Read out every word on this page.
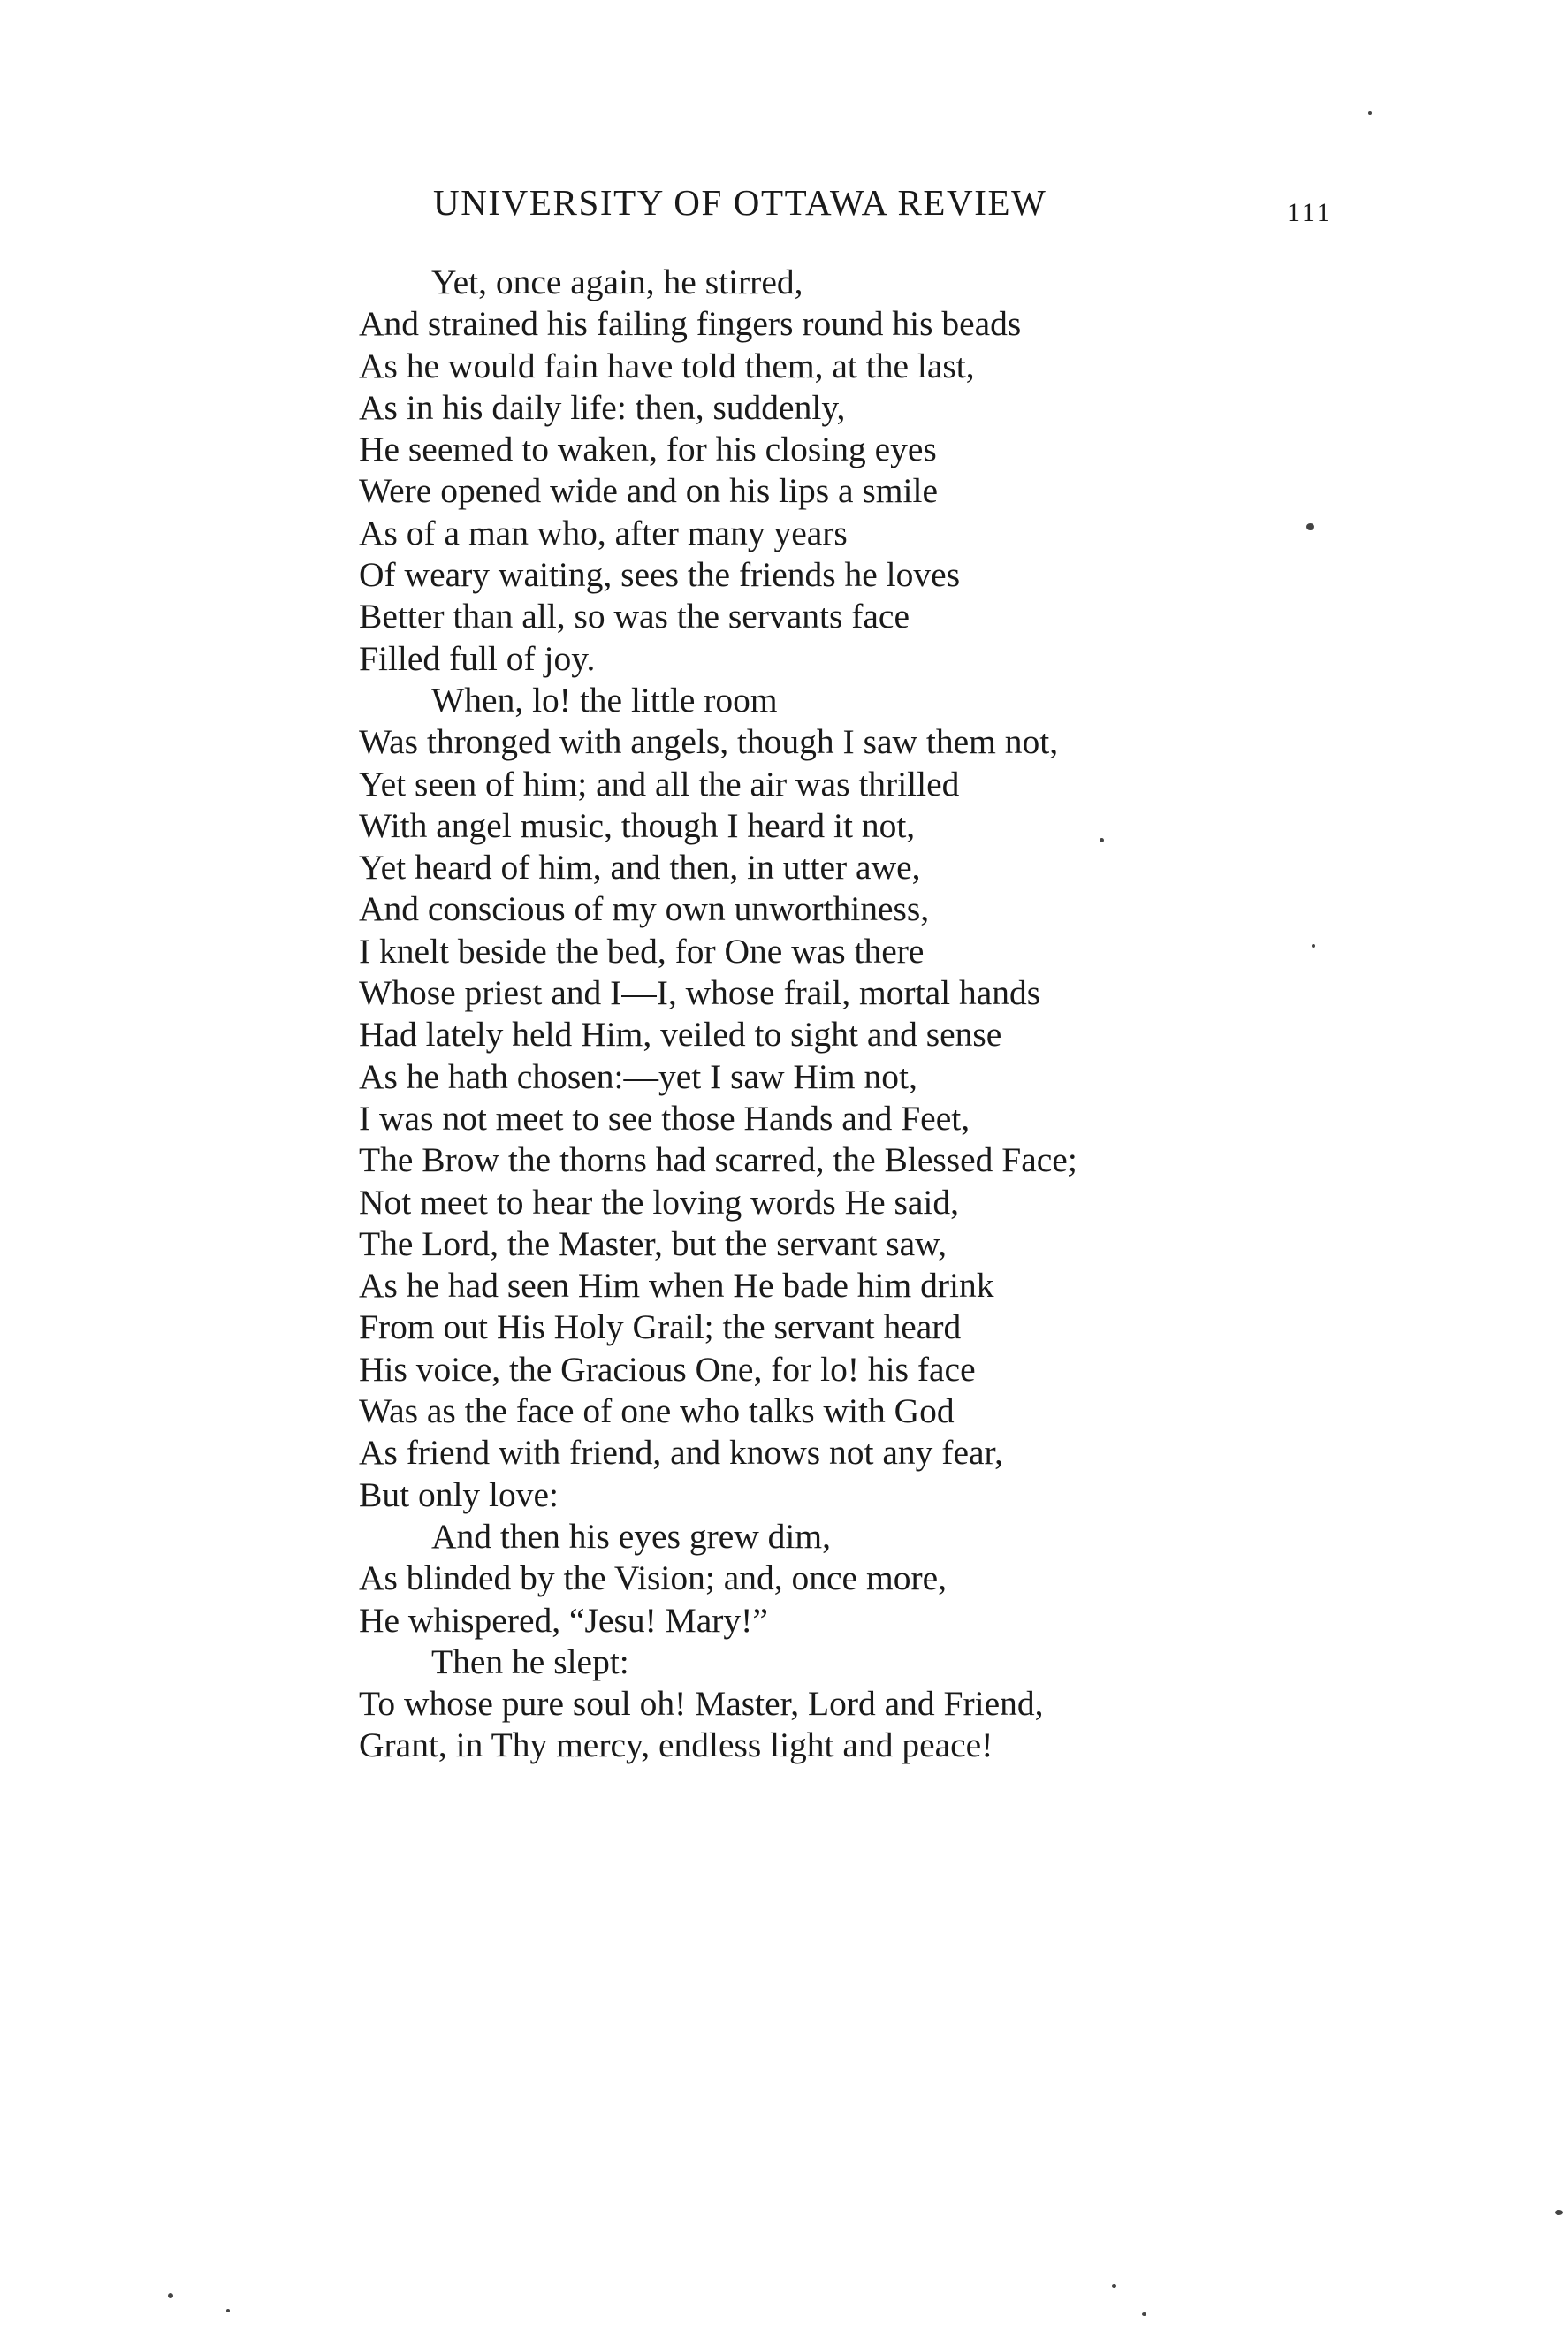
UNIVERSITY OF OTTAWA REVIEW	111
Yet, once again, he stirred,
And strained his failing fingers round his beads
As he would fain have told them, at the last,
As in his daily life: then, suddenly,
He seemed to waken, for his closing eyes
Were opened wide and on his lips a smile
As of a man who, after many years
Of weary waiting, sees the friends he loves
Better than all, so was the servants face
Filled full of joy.
When, lo! the little room
Was thronged with angels, though I saw them not,
Yet seen of him; and all the air was thrilled
With angel music, though I heard it not,
Yet heard of him, and then, in utter awe,
And conscious of my own unworthiness,
I knelt beside the bed, for One was there
Whose priest and I—I, whose frail, mortal hands
Had lately held Him, veiled to sight and sense
As he hath chosen:—yet I saw Him not,
I was not meet to see those Hands and Feet,
The Brow the thorns had scarred, the Blessed Face;
Not meet to hear the loving words He said,
The Lord, the Master, but the servant saw,
As he had seen Him when He bade him drink
From out His Holy Grail; the servant heard
His voice, the Gracious One, for lo! his face
Was as the face of one who talks with God
As friend with friend, and knows not any fear,
But only love:
And then his eyes grew dim,
As blinded by the Vision; and, once more,
He whispered, “Jesu! Mary!”
Then he slept:
To whose pure soul oh! Master, Lord and Friend,
Grant, in Thy mercy, endless light and peace!
